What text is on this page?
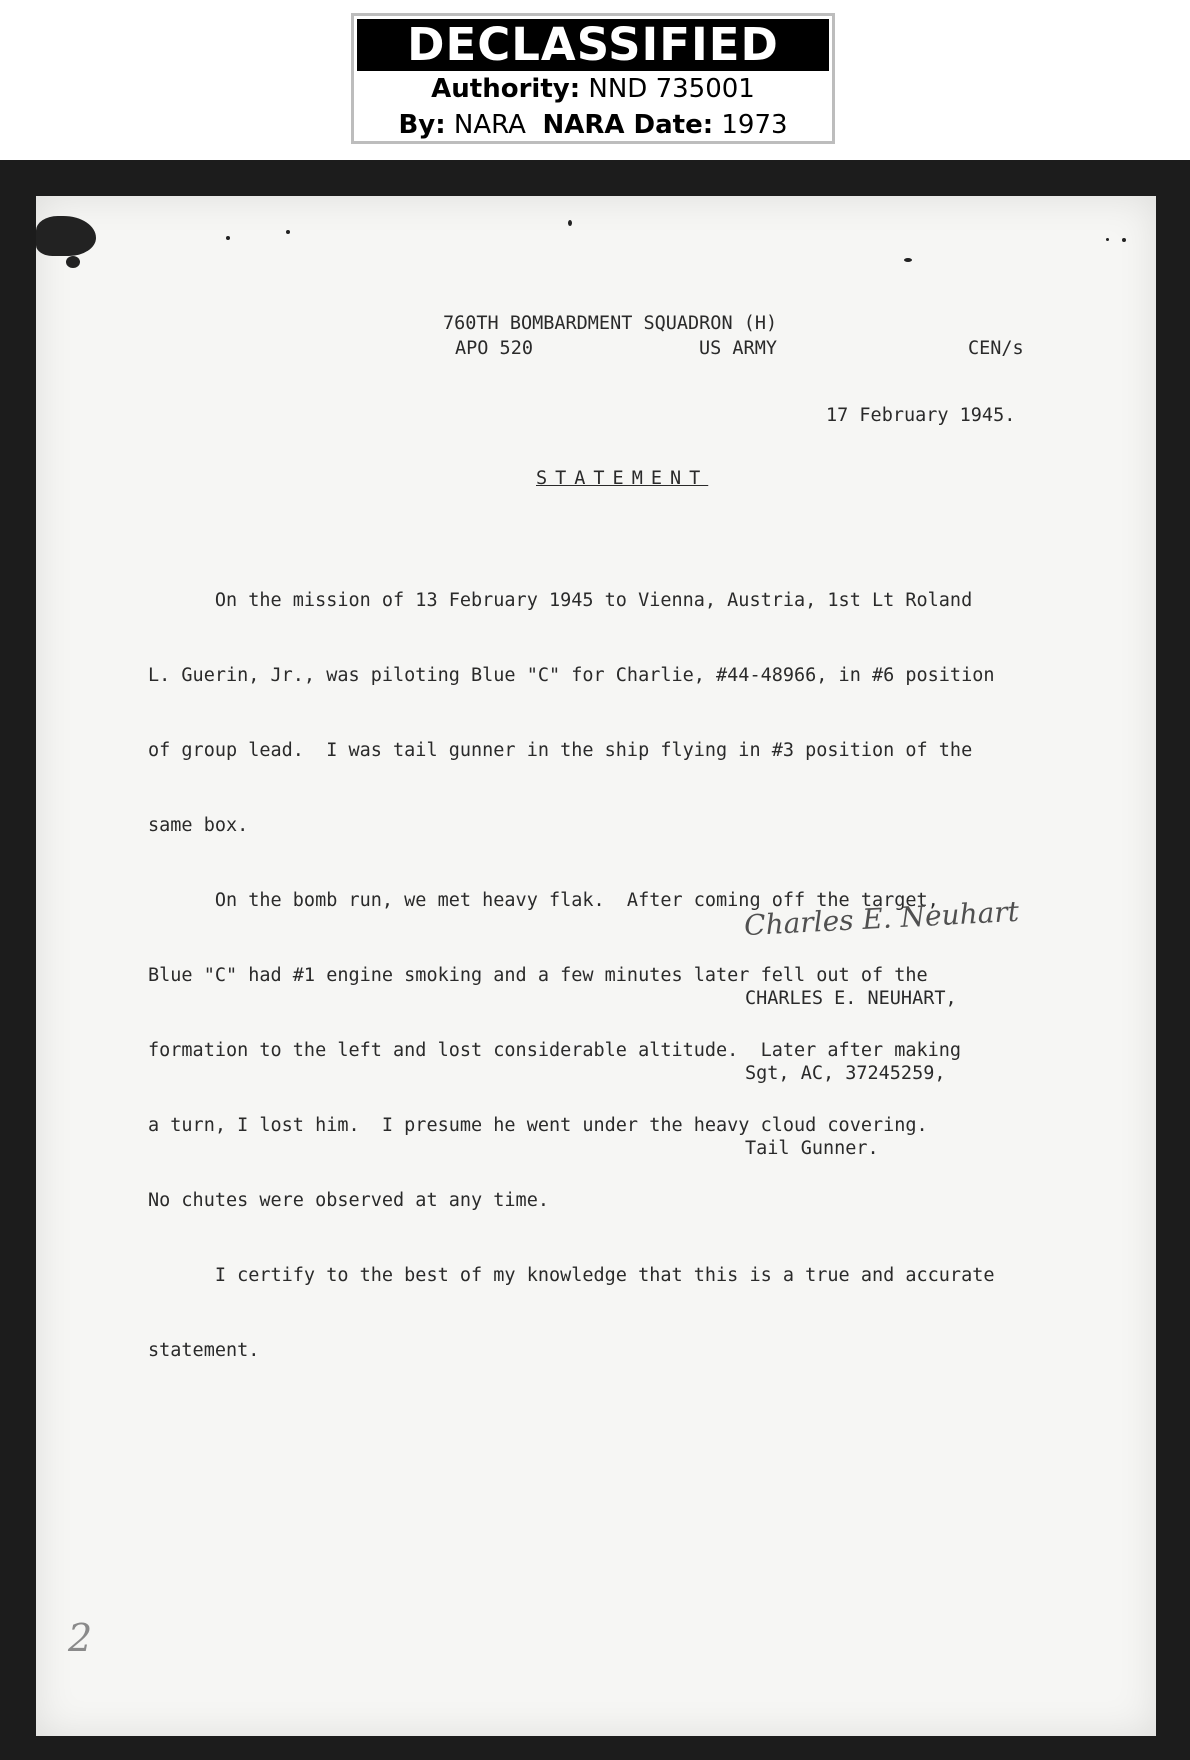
DECLASSIFIED
Authority: NND 735001
By: NARA NARA Date: 1973
760TH BOMBARDMENT SQUADRON (H)
APO 520	US ARMY	CEN/s
17 February 1945.
STATEMENT

On the mission of 13 February 1945 to Vienna, Austria, 1st Lt Roland

L. Guerin, Jr., was piloting Blue "C" for Charlie, #44-48966, in #6 position

of group lead.  I was tail gunner in the ship flying in #3 position of the

same box.

On the bomb run, we met heavy flak.  After coming off the target,

Blue "C" had #1 engine smoking and a few minutes later fell out of the

formation to the left and lost considerable altitude.  Later after making

a turn, I lost him.  I presume he went under the heavy cloud covering.

No chutes were observed at any time.

I certify to the best of my knowledge that this is a true and accurate

statement.

Charles E. Neuhart

CHARLES E. NEUHART,

Sgt, AC, 37245259,

Tail Gunner.

2
